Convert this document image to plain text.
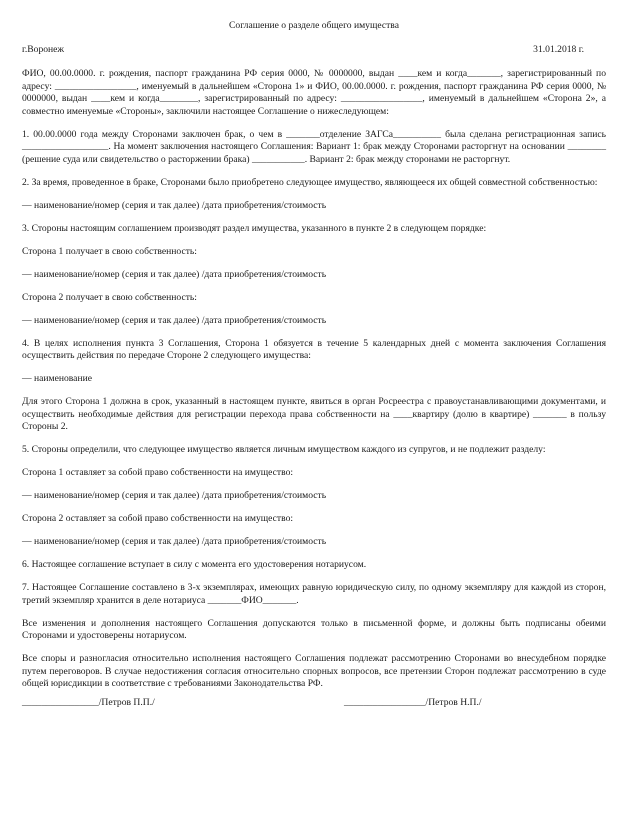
Соглашение о разделе общего имущества
г.Воронеж	31.01.2018 г.

ФИО, 00.00.0000. г. рождения, паспорт гражданина РФ серия 0000, № 0000000, выдан ____кем и когда_______, зарегистрированный по адресу: _________________, именуемый в дальнейшем «Сторона 1» и ФИО, 00.00.0000. г. рождения, паспорт гражданина РФ серия 0000, № 0000000, выдан ____кем и когда________, зарегистрированный по адресу: _________________, именуемый в дальнейшем «Сторона 2», а совместно именуемые «Стороны», заключили настоящее Соглашение о нижеследующем:

1. 00.00.0000 года между Сторонами заключен брак, о чем в _______отделение ЗАГСа__________ была сделана регистрационная запись __________________. На момент заключения настоящего Соглашения: Вариант 1: брак между Сторонами расторгнут на основании ________ (решение суда или свидетельство о расторжении брака) ___________. Вариант 2: брак между сторонами не расторгнут.

2. За время, проведенное в браке, Сторонами было приобретено следующее имущество, являющееся их общей совместной собственностью:

— наименование/номер (серия и так далее) /дата приобретения/стоимость

3. Стороны настоящим соглашением производят раздел имущества, указанного в пункте 2 в следующем порядке:

Сторона 1 получает в свою собственность:

— наименование/номер (серия и так далее) /дата приобретения/стоимость

Сторона 2 получает в свою собственность:

— наименование/номер (серия и так далее) /дата приобретения/стоимость

4. В целях исполнения пункта 3 Соглашения, Сторона 1 обязуется в течение 5 календарных дней с момента заключения Соглашения осуществить действия по передаче Стороне 2 следующего имущества:

— наименование

Для этого Сторона 1 должна в срок, указанный в настоящем пункте, явиться в орган Росреестра с правоустанавливающими документами, и осуществить необходимые действия для регистрации перехода права собственности на ____квартиру (долю в квартире) _______ в пользу Стороны 2.

5. Стороны определили, что следующее имущество является личным имуществом каждого из супругов, и не подлежит разделу:

Сторона 1 оставляет за собой право собственности на имущество:

— наименование/номер (серия и так далее) /дата приобретения/стоимость

Сторона 2 оставляет за собой право собственности на имущество:

— наименование/номер (серия и так далее) /дата приобретения/стоимость

6. Настоящее соглашение вступает в силу с момента его удостоверения нотариусом.

7. Настоящее Соглашение составлено в 3-х экземплярах, имеющих равную юридическую силу, по одному экземпляру для каждой из сторон, третий экземпляр хранится в деле нотариуса _______ФИО_______.

Все изменения и дополнения настоящего Соглашения допускаются только в письменной форме, и должны быть подписаны обеими Сторонами и удостоверены нотариусом.

Все споры и разногласия относительно исполнения настоящего Соглашения подлежат рассмотрению Сторонами во внесудебном порядке путем переговоров. В случае недостижения согласия относительно спорных вопросов, все претензии Сторон подлежат рассмотрению в суде общей юрисдикции в соответствие с требованиями Законодательства РФ.

________________/Петров П.П./	_________________/Петров Н.П./
